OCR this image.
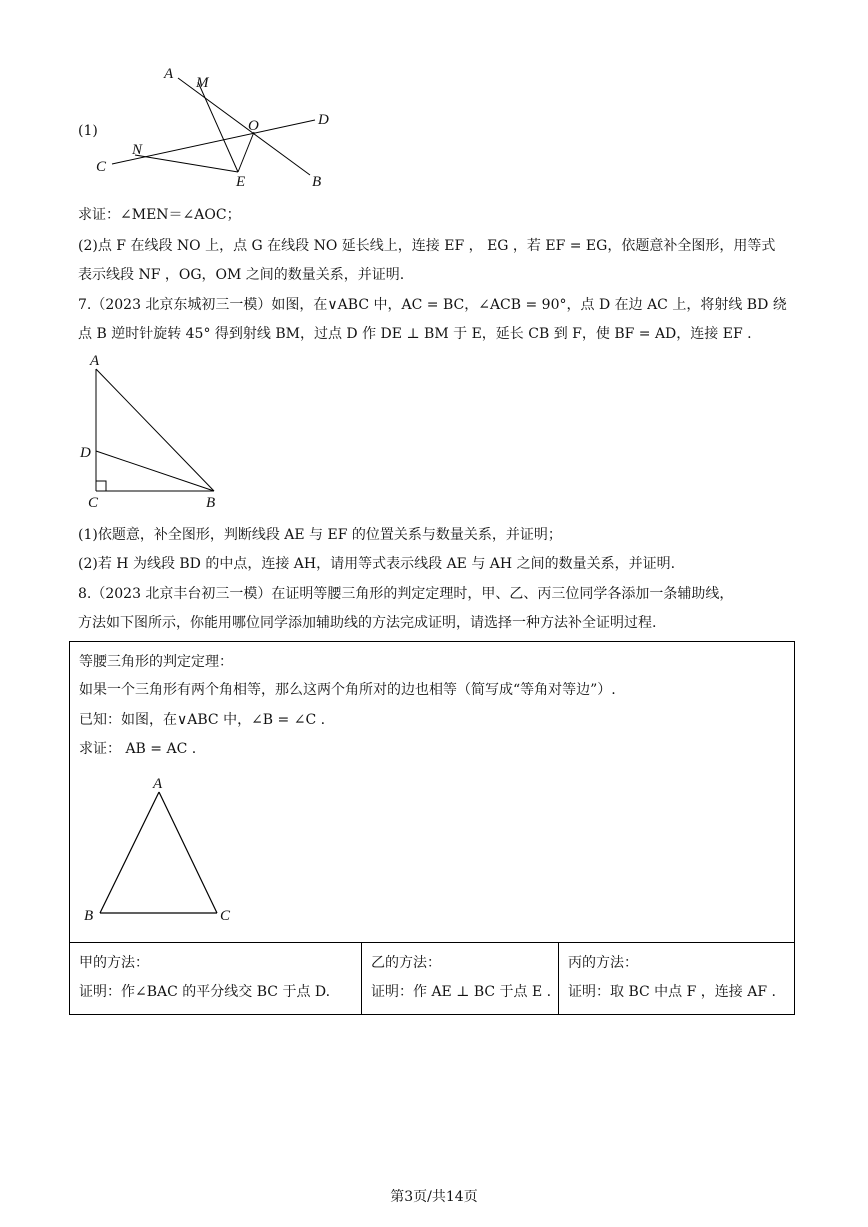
A
M
O	D
C
N
E	B
(1)
求证：∠MEN＝∠AOC；
(2)点 F 在线段 NO 上，点 G 在线段 NO 延长线上，连接 EF ， EG ，若 EF = EG，依题意补全图形，用等式
表示线段 NF ，OG，OM 之间的数量关系，并证明.
7.（2023 北京东城初三一模）如图，在∨ABC 中，AC = BC，∠ACB = 90°，点 D 在边 AC 上，将射线 BD 绕
点 B 逆时针旋转 45° 得到射线 BM，过点 D 作 DE ⊥ BM 于 E，延长 CB 到 F，使 BF = AD，连接 EF .
A
D
C	B
(1)依题意，补全图形，判断线段 AE 与 EF 的位置关系与数量关系，并证明；
(2)若 H 为线段 BD 的中点，连接 AH，请用等式表示线段 AE 与 AH 之间的数量关系，并证明.
8.（2023 北京丰台初三一模）在证明等腰三角形的判定定理时，甲、乙、丙三位同学各添加一条辅助线，
方法如下图所示，你能用哪位同学添加辅助线的方法完成证明，请选择一种方法补全证明过程.
等腰三角形的判定定理：
如果一个三角形有两个角相等，那么这两个角所对的边也相等（简写成“等角对等边”）.
已知：如图，在∨ABC 中，∠B = ∠C .
求证： AB = AC .
A
B	C
甲的方法：
证明：作∠BAC 的平分线交 BC 于点 D.
乙的方法：
证明：作 AE ⊥ BC 于点 E .
丙的方法：
证明：取 BC 中点 F ，连接 AF .
第3页/共14页
